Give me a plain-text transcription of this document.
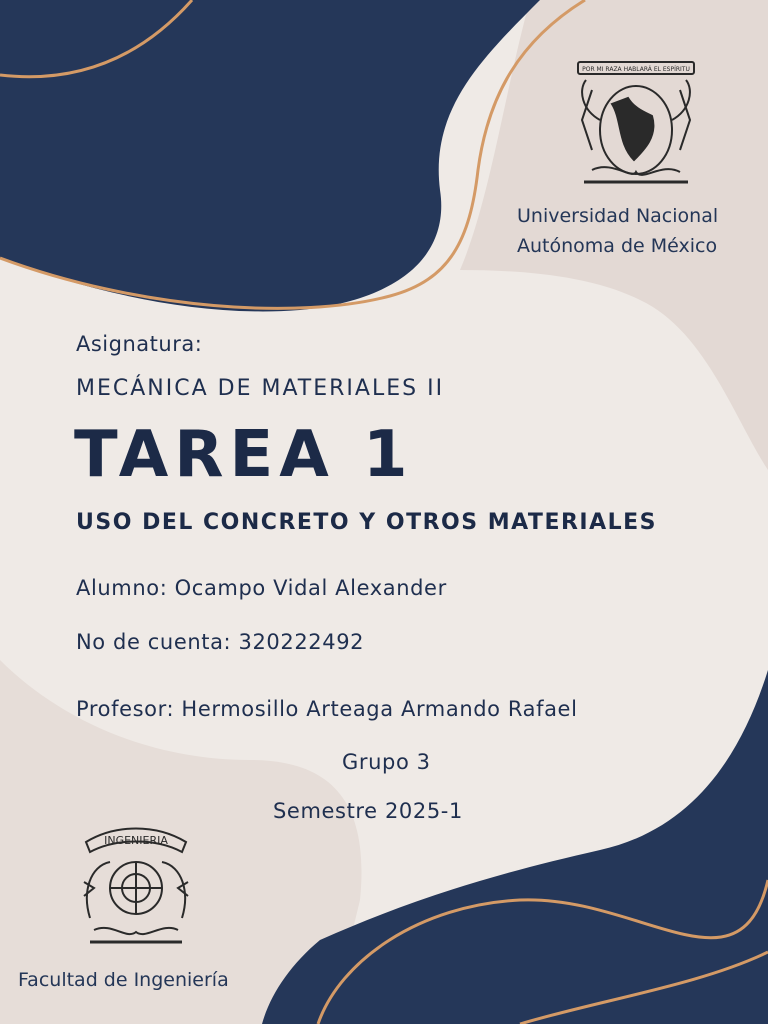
POR MI RAZA HABLARÁ EL ESPÍRITU
INGENIERIA
Universidad Nacional
Autónoma de México
Asignatura:
MECÁNICA DE MATERIALES II
TAREA 1
USO DEL CONCRETO Y OTROS MATERIALES
Alumno: Ocampo Vidal Alexander
No de cuenta: 320222492
Profesor: Hermosillo Arteaga Armando Rafael
Grupo 3
Semestre 2025-1
Facultad de Ingeniería
